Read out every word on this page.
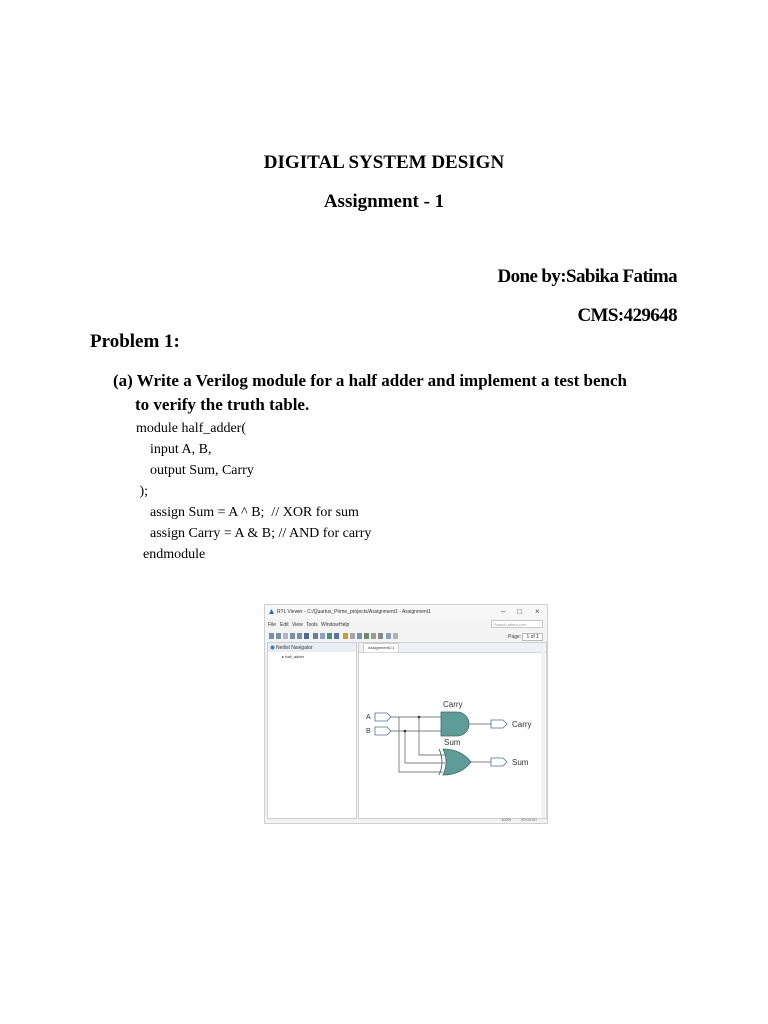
DIGITAL SYSTEM DESIGN
Assignment - 1
Done by:Sabika Fatima
CMS:429648
Problem 1:
(a) Write a Verilog module for a half adder and implement a test bench
to verify the truth table.
module half_adder(
input A, B,
output Sum, Carry
);
assign Sum = A ^ B;  // XOR for sum
assign Carry = A & B; // AND for carry
endmodule
RTL Viewer - C:/Quartus_Prime_projects/Assignment1 - Assignment1	– □ ×
File Edit View Tools Window Help	Search altera.com
Page: 1 of 1
Netlist Navigator
▸ half_adder
Assignment1:1
A
B
Carry
Sum
Carry
Sum
100% 00:00:00
